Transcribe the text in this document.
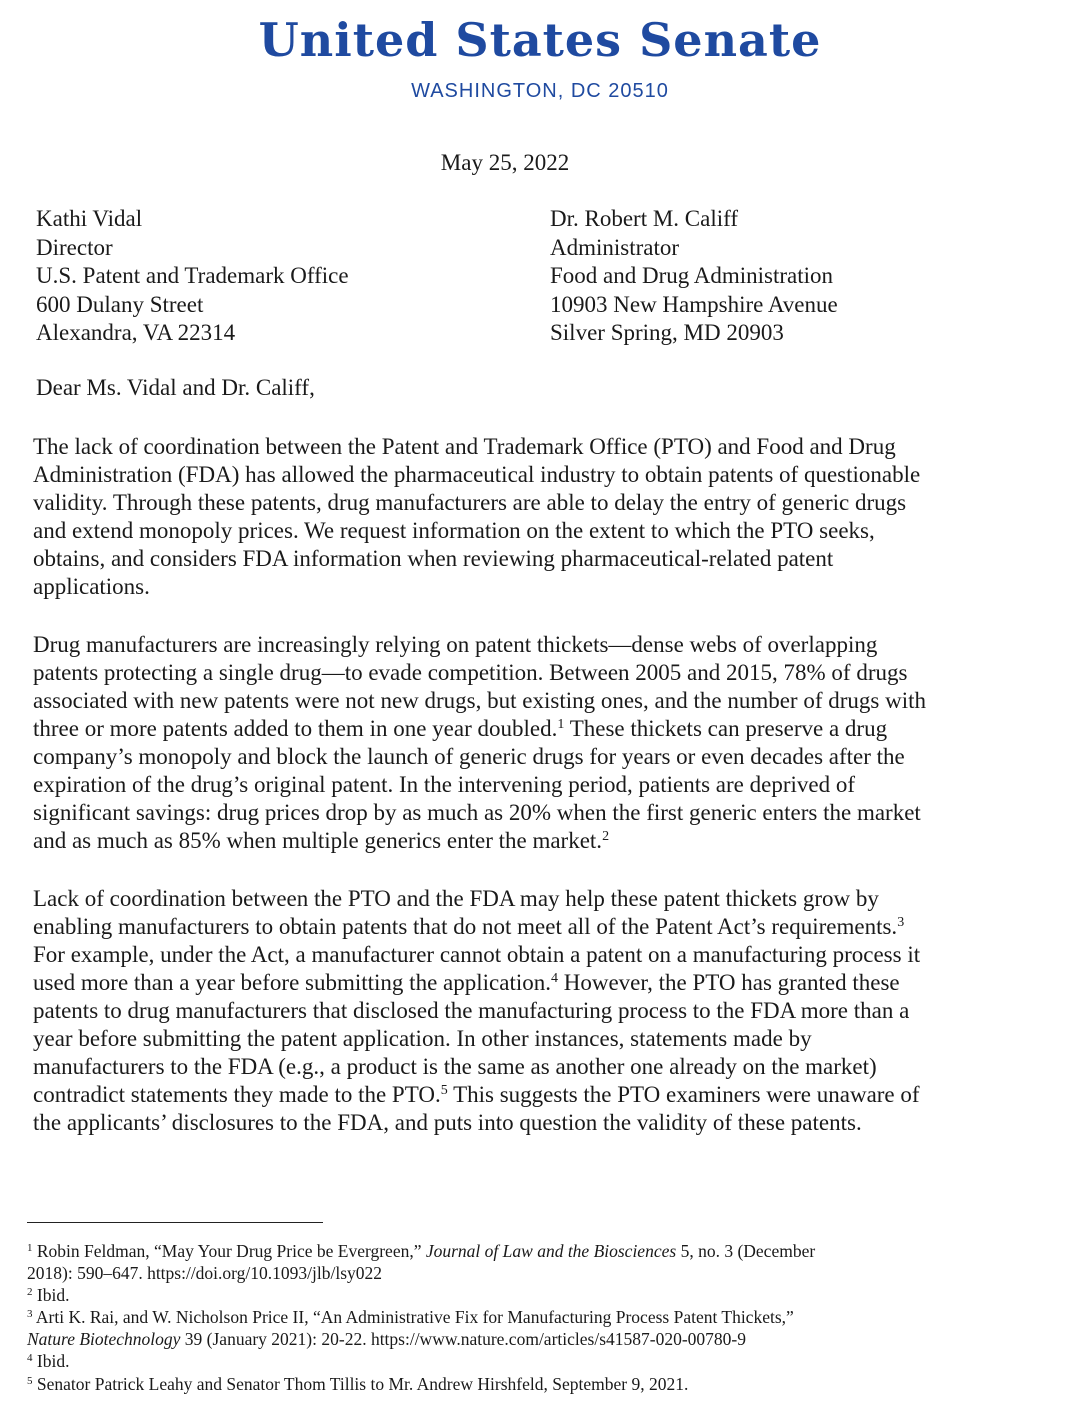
United States Senate
WASHINGTON, DC 20510
May 25, 2022
Kathi Vidal
Director
U.S. Patent and Trademark Office
600 Dulany Street
Alexandra, VA 22314
Dr. Robert M. Califf
Administrator
Food and Drug Administration
10903 New Hampshire Avenue
Silver Spring, MD 20903
Dear Ms. Vidal and Dr. Califf,
The lack of coordination between the Patent and Trademark Office (PTO) and Food and Drug
Administration (FDA) has allowed the pharmaceutical industry to obtain patents of questionable
validity. Through these patents, drug manufacturers are able to delay the entry of generic drugs
and extend monopoly prices. We request information on the extent to which the PTO seeks,
obtains, and considers FDA information when reviewing pharmaceutical-related patent
applications.
Drug manufacturers are increasingly relying on patent thickets—dense webs of overlapping
patents protecting a single drug—to evade competition. Between 2005 and 2015, 78% of drugs
associated with new patents were not new drugs, but existing ones, and the number of drugs with
three or more patents added to them in one year doubled.$^1$ These thickets can preserve a drug
company’s monopoly and block the launch of generic drugs for years or even decades after the
expiration of the drug’s original patent. In the intervening period, patients are deprived of
significant savings: drug prices drop by as much as 20% when the first generic enters the market
and as much as 85% when multiple generics enter the market.$^2$
Lack of coordination between the PTO and the FDA may help these patent thickets grow by
enabling manufacturers to obtain patents that do not meet all of the Patent Act’s requirements.$^3$
For example, under the Act, a manufacturer cannot obtain a patent on a manufacturing process it
used more than a year before submitting the application.$^4$ However, the PTO has granted these
patents to drug manufacturers that disclosed the manufacturing process to the FDA more than a
year before submitting the patent application. In other instances, statements made by
manufacturers to the FDA (e.g., a product is the same as another one already on the market)
contradict statements they made to the PTO.$^5$ This suggests the PTO examiners were unaware of
the applicants’ disclosures to the FDA, and puts into question the validity of these patents.
$^1$ Robin Feldman, “May Your Drug Price be Evergreen,” Journal of Law and the Biosciences 5, no. 3 (December
2018): 590–647. https://doi.org/10.1093/jlb/lsy022
$^2$ Ibid.
$^3$ Arti K. Rai, and W. Nicholson Price II, “An Administrative Fix for Manufacturing Process Patent Thickets,”
Nature Biotechnology 39 (January 2021): 20-22. https://www.nature.com/articles/s41587-020-00780-9
$^4$ Ibid.
$^5$ Senator Patrick Leahy and Senator Thom Tillis to Mr. Andrew Hirshfeld, September 9, 2021.
